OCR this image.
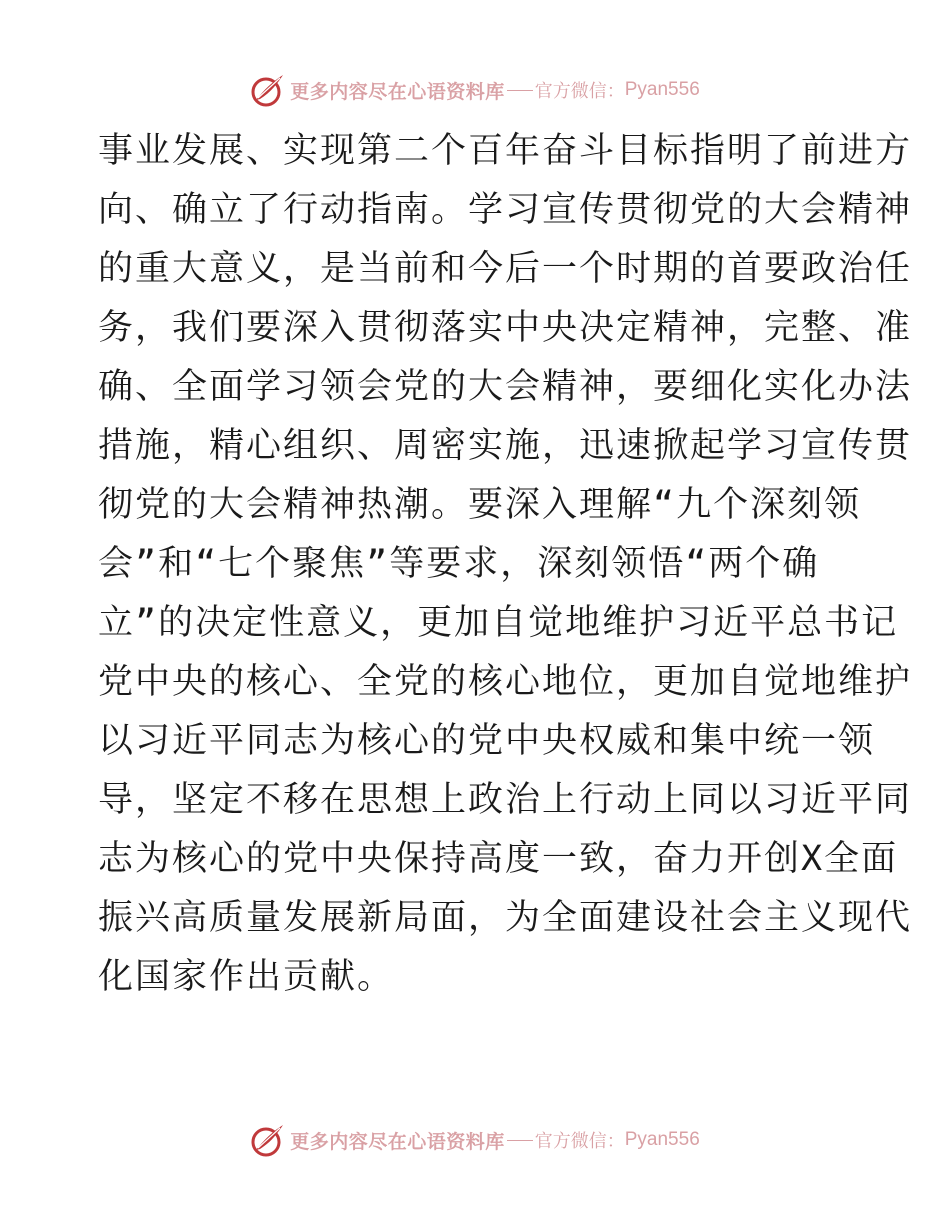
更多内容尽在心语资料库 官方微信： Pyan556
事业发展、实现第二个百年奋斗目标指明了前进方
向、确立了行动指南。学习宣传贯彻党的大会精神
的重大意义，是当前和今后一个时期的首要政治任
务，我们要深入贯彻落实中央决定精神，完整、准
确、全面学习领会党的大会精神，要细化实化办法
措施，精心组织、周密实施，迅速掀起学习宣传贯
彻党的大会精神热潮。要深入理解“九个深刻领
会”和“七个聚焦”等要求，深刻领悟“两个确
立”的决定性意义，更加自觉地维护习近平总书记
党中央的核心、全党的核心地位，更加自觉地维护
以习近平同志为核心的党中央权威和集中统一领
导，坚定不移在思想上政治上行动上同以习近平同
志为核心的党中央保持高度一致，奋力开创X全面
振兴高质量发展新局面，为全面建设社会主义现代
化国家作出贡献。
更多内容尽在心语资料库 官方微信： Pyan556
